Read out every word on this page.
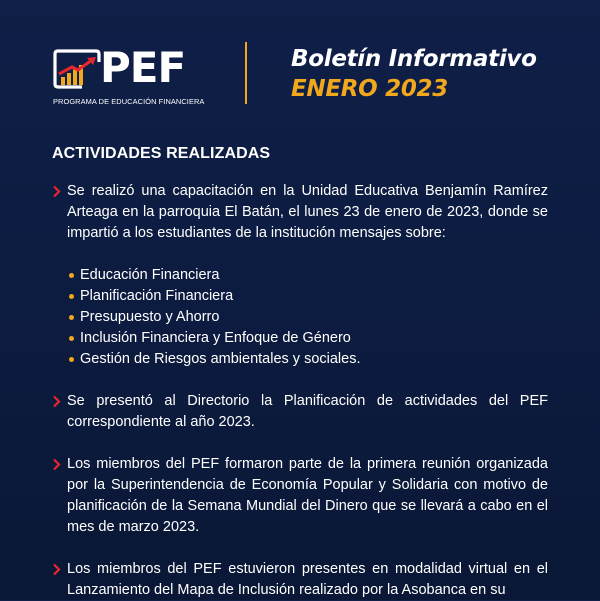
PEF
PROGRAMA DE EDUCACIÓN FINANCIERA
Boletín Informativo
ENERO 2023
ACTIVIDADES REALIZADAS
Se realizó una capacitación en la Unidad Educativa Benjamín Ramírez Arteaga en la parroquia El Batán, el lunes 23 de enero de 2023, donde se impartió a los estudiantes de la institución mensajes sobre:
Educación Financiera
Planificación Financiera
Presupuesto y Ahorro
Inclusión Financiera y Enfoque de Género
Gestión de Riesgos ambientales y sociales.
Se presentó al Directorio la Planificación de actividades del PEF correspondiente al año 2023.
Los miembros del PEF formaron parte de la primera reunión organizada por la Superintendencia de Economía Popular y Solidaria con motivo de planificación de la Semana Mundial del Dinero que se llevará a cabo en el mes de marzo 2023.
Los miembros del PEF estuvieron presentes en modalidad virtual en el Lanzamiento del Mapa de Inclusión realizado por la Asobanca en su
